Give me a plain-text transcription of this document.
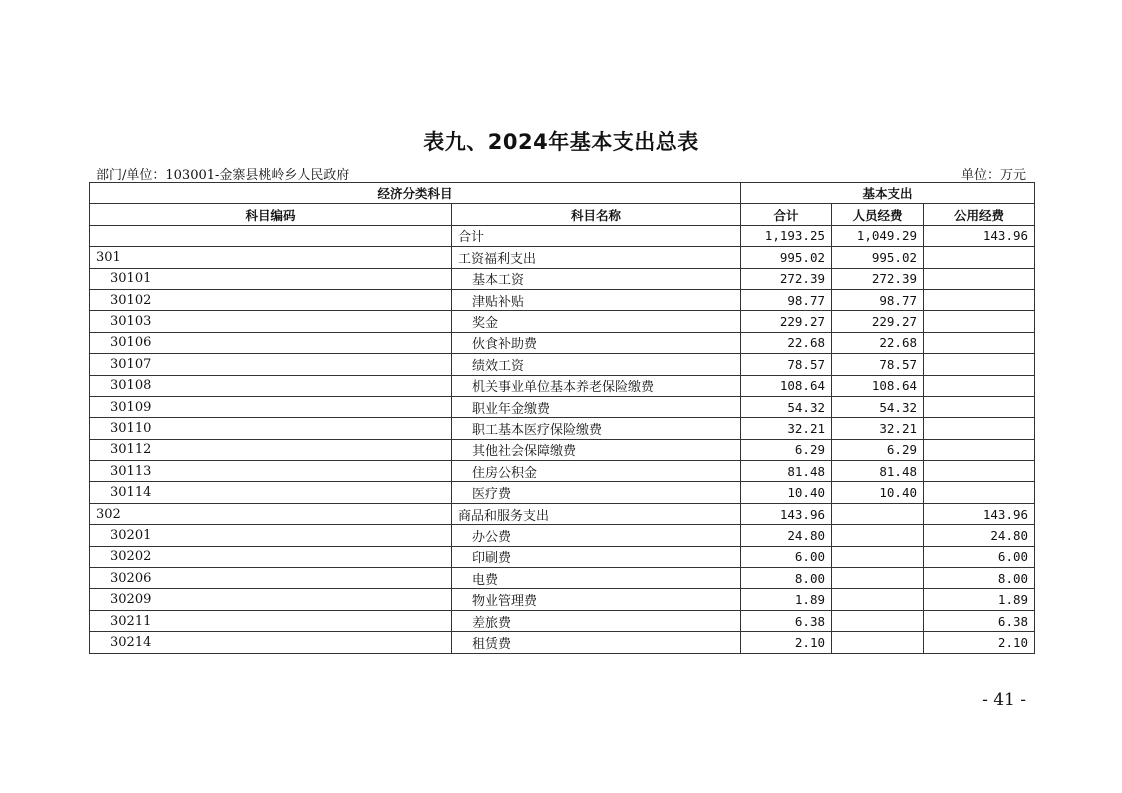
表九、2024年基本支出总表
部门/单位：103001-金寨县桃岭乡人民政府	单位：万元
经济分类科目		基本支出		
科目编码	科目名称	合计	人员经费	公用经费
	合计	1,193.25	1,049.29	143.96
301	工资福利支出	995.02	995.02	
30101	基本工资	272.39	272.39	
30102	津贴补贴	98.77	98.77	
30103	奖金	229.27	229.27	
30106	伙食补助费	22.68	22.68	
30107	绩效工资	78.57	78.57	
30108	机关事业单位基本养老保险缴费	108.64	108.64	
30109	职业年金缴费	54.32	54.32	
30110	职工基本医疗保险缴费	32.21	32.21	
30112	其他社会保障缴费	6.29	6.29	
30113	住房公积金	81.48	81.48	
30114	医疗费	10.40	10.40	
302	商品和服务支出	143.96		143.96
30201	办公费	24.80		24.80
30202	印刷费	6.00		6.00
30206	电费	8.00		8.00
30209	物业管理费	1.89		1.89
30211	差旅费	6.38		6.38
30214	租赁费	2.10		2.10
- 41 -
